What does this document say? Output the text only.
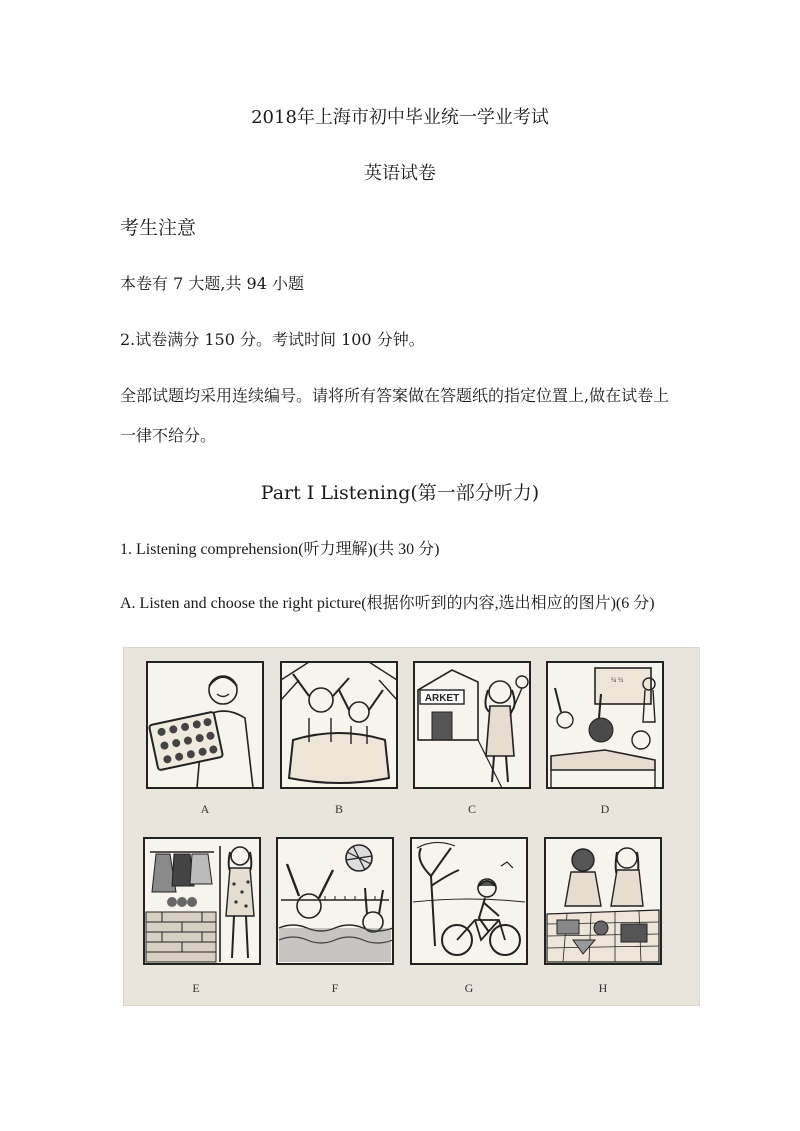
2018年上海市初中毕业统一学业考试
英语试卷
考生注意
本卷有 7 大题,共 94 小题
2.试卷满分 150 分。考试时间 100 分钟。
全部试题均采用连续编号。请将所有答案做在答题纸的指定位置上,做在试卷上
一律不给分。
Part I Listening(第一部分听力)
1. Listening comprehension(听力理解)(共 30 分)
A. Listen and choose the right picture(根据你听到的内容,选出相应的图片)(6 分)
A	B
ARKET
C
¼ ½
D
E	F	G	H
